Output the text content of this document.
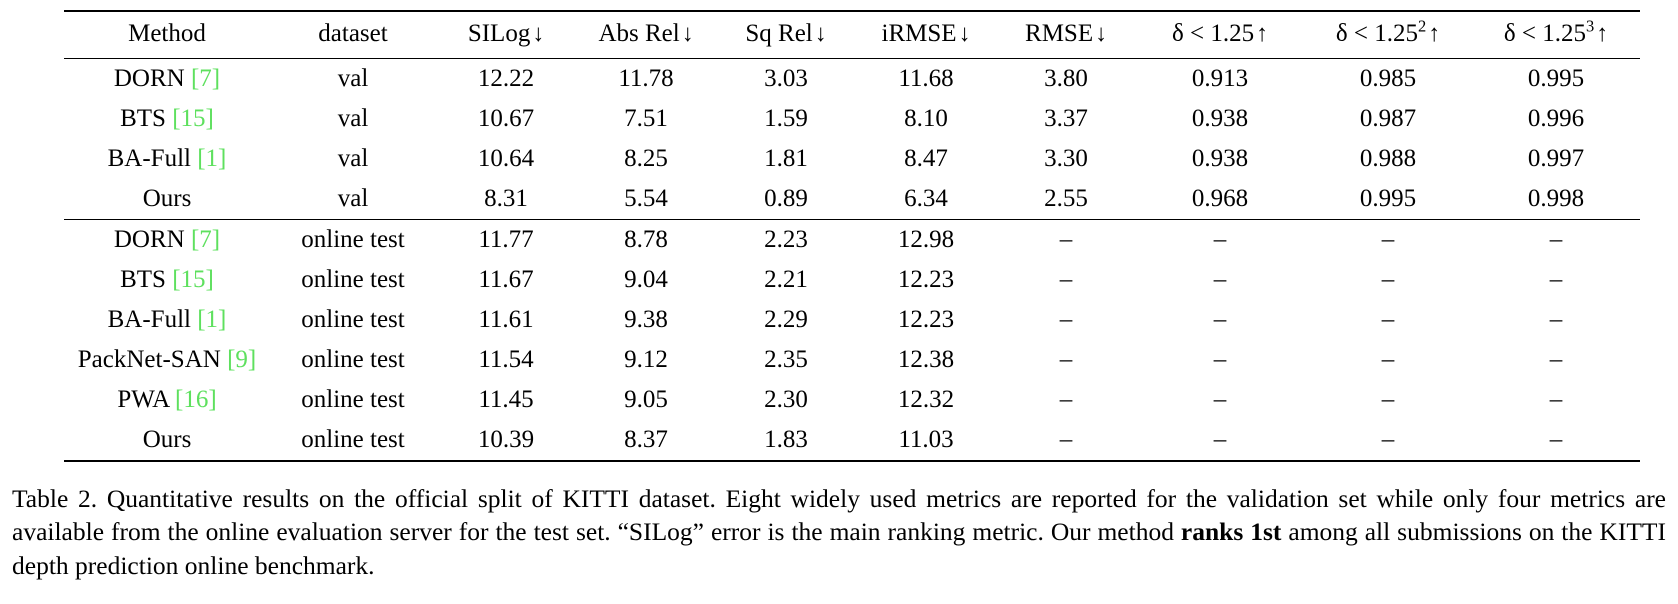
Method	dataset	SILog↓	Abs Rel↓	Sq Rel↓	iRMSE↓	RMSE↓	δ < 1.25↑	$\delta < 1.25^2↑$	$\delta < 1.25^3↑$
DORN [7]	val	12.22	11.78	3.03	11.68	3.80	0.913	0.985	0.995
BTS [15]	val	10.67	7.51	1.59	8.10	3.37	0.938	0.987	0.996
BA-Full [1]	val	10.64	8.25	1.81	8.47	3.30	0.938	0.988	0.997
Ours	val	8.31	5.54	0.89	6.34	2.55	0.968	0.995	0.998
DORN [7]	online test	11.77	8.78	2.23	12.98	–	–	–	–
BTS [15]	online test	11.67	9.04	2.21	12.23	–	–	–	–
BA-Full [1]	online test	11.61	9.38	2.29	12.23	–	–	–	–
PackNet-SAN [9]	online test	11.54	9.12	2.35	12.38	–	–	–	–
PWA [16]	online test	11.45	9.05	2.30	12.32	–	–	–	–
Ours	online test	10.39	8.37	1.83	11.03	–	–	–	–

Table 2. Quantitative results on the official split of KITTI dataset. Eight widely used metrics are reported for the validation set while only four metrics are available from the online evaluation server for the test set. “SILog” error is the main ranking metric. Our method ranks 1st among all submissions on the KITTI depth prediction online benchmark.
